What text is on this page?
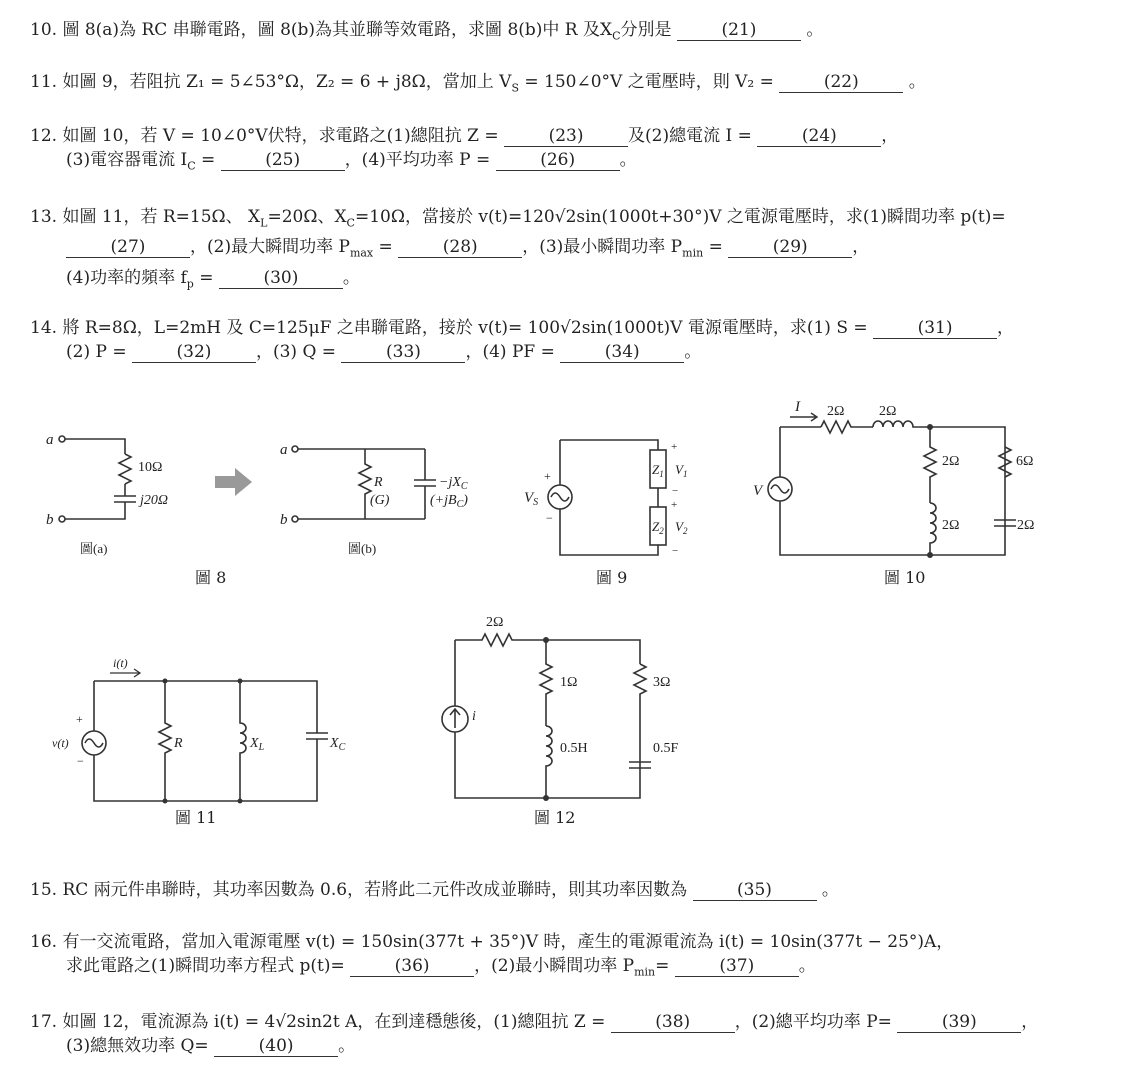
10. 圖 8(a)為 RC 串聯電路，圖 8(b)為其並聯等效電路，求圖 8(b)中 R 及$X_C$分別是	(21)	。
11. 如圖 9，若阻抗 Z₁ = 5∠53°Ω，Z₂ = 6 + j8Ω，當加上 $V_S$ = 150∠0°V 之電壓時，則 V₂ =	(22)	。
12. 如圖 10，若 V = 10∠0°V伏特，求電路之(1)總阻抗 Z =	(23)	及(2)總電流 I =	(24)	，
(3)電容器電流 $I_C$ =	(25)	，(4)平均功率 P =	(26)	。
13. 如圖 11，若 R=15Ω、 $X_L=20\Omega$、$X_C=10\Omega$，當接於 v(t)=120√2sin(1000t+30°)V 之電源電壓時，求(1)瞬間功率 p(t)=
(27)	，(2)最大瞬間功率 $P_{max}$ =	(28)	，(3)最小瞬間功率 $P_{min}$ =	(29)	，
(4)功率的頻率 $f_p$ =	(30)	。
14. 將 R=8Ω，L=2mH 及 C=125μF 之串聯電路，接於 v(t)= 100√2sin(1000t)V 電源電壓時，求(1) S =	(31)	，
(2) P =	(32)	，(3) Q =	(33)	，(4) PF =	(34)	。
a
b
10Ω
j20Ω
圖(a)
a
b
R
(G)
$-jX_C$
$(+jB_C)$
圖(b)
圖 8
$V_S$
+
−
$Z_1$
$Z_2$
$V_1$
$V_2$
+
−
+
−
圖 9
I
V
2Ω 2Ω
2Ω
2Ω
6Ω
2Ω
圖 10
i(t)
v(t)
+
−
R	$X_L$	$X_C$
圖 11
2Ω
i
1Ω	3Ω
0.5H	0.5F
圖 12
15. RC 兩元件串聯時，其功率因數為 0.6，若將此二元件改成並聯時，則其功率因數為	(35)	。
16. 有一交流電路，當加入電源電壓 v(t) = 150sin(377t + 35°)V 時，產生的電源電流為 i(t) = 10sin(377t − 25°)A，
求此電路之(1)瞬間功率方程式 p(t)=	(36)	，(2)最小瞬間功率 $P_{min}=$	(37)	。
17. 如圖 12，電流源為 i(t) = 4√2sin2t A，在到達穩態後，(1)總阻抗 Z =	(38)	，(2)總平均功率 P=	(39)	，
(3)總無效功率 Q=	(40)	。
